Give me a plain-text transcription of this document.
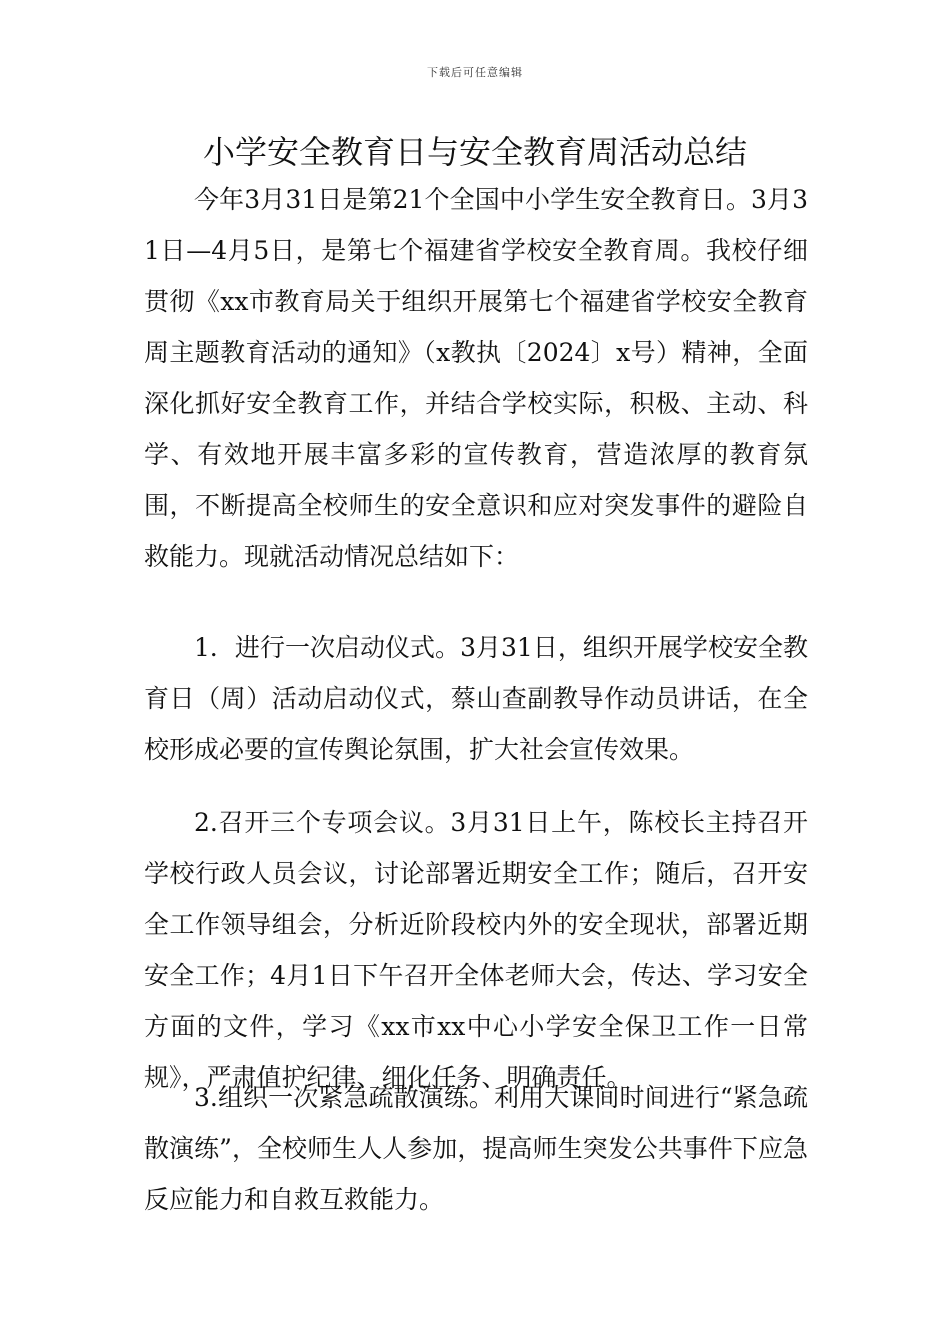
下载后可任意编辑
小学安全教育日与安全教育周活动总结

今年3月31日是第21个全国中小学生安全教育日。3月31日—4月5日，是第七个福建省学校安全教育周。我校仔细贯彻《xx市教育局关于组织开展第七个福建省学校安全教育周主题教育活动的通知》（x教执〔2024〕x号）精神，全面深化抓好安全教育工作，并结合学校实际，积极、主动、科学、有效地开展丰富多彩的宣传教育，营造浓厚的教育氛围，不断提高全校师生的安全意识和应对突发事件的避险自救能力。现就活动情况总结如下：

1．进行一次启动仪式。3月31日，组织开展学校安全教育日（周）活动启动仪式，蔡山查副教导作动员讲话，在全校形成必要的宣传舆论氛围，扩大社会宣传效果。

2.召开三个专项会议。3月31日上午，陈校长主持召开学校行政人员会议，讨论部署近期安全工作；随后，召开安全工作领导组会，分析近阶段校内外的安全现状，部署近期安全工作；4月1日下午召开全体老师大会，传达、学习安全方面的文件，学习《xx市xx中心小学安全保卫工作一日常规》，严肃值护纪律、细化任务、明确责任。

3.组织一次紧急疏散演练。利用大课间时间进行“紧急疏散演练”，全校师生人人参加，提高师生突发公共事件下应急反应能力和自救互救能力。
